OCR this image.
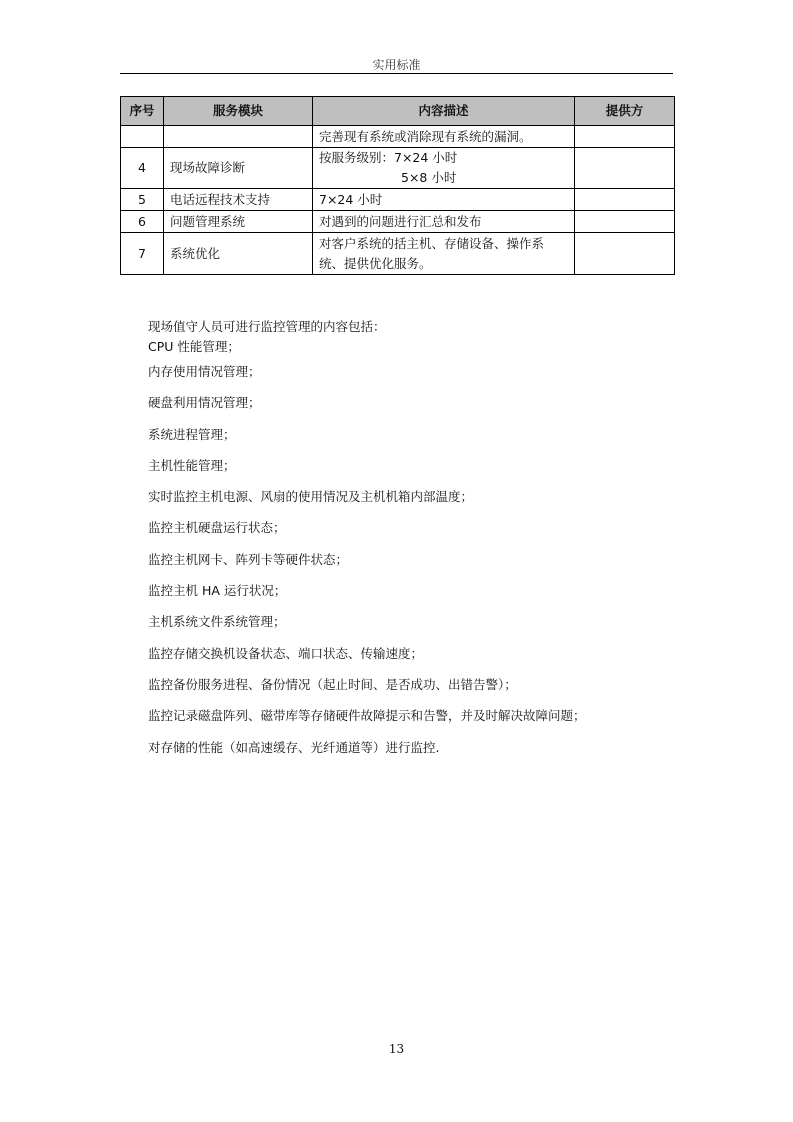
实用标准
序号	服务模块	内容描述	提供方
		完善现有系统或消除现有系统的漏洞。	
4	现场故障诊断	按服务级别：7×24 小时
5×8 小时	

5	电话远程技术支持	7×24 小时	
6	问题管理系统	对遇到的问题进行汇总和发布	
7	系统优化	对客户系统的括主机、存储设备、操作系
统、提供优化服务。	

现场值守人员可进行监控管理的内容包括：

CPU 性能管理；
内存使用情况管理；
硬盘利用情况管理；
系统进程管理；
主机性能管理；
实时监控主机电源、风扇的使用情况及主机机箱内部温度；
监控主机硬盘运行状态；
监控主机网卡、阵列卡等硬件状态；
监控主机 HA 运行状况；
主机系统文件系统管理；
监控存储交换机设备状态、端口状态、传输速度；
监控备份服务进程、备份情况（起止时间、是否成功、出错告警）；
监控记录磁盘阵列、磁带库等存储硬件故障提示和告警，并及时解决故障问题；
对存储的性能（如高速缓存、光纤通道等）进行监控.
13
